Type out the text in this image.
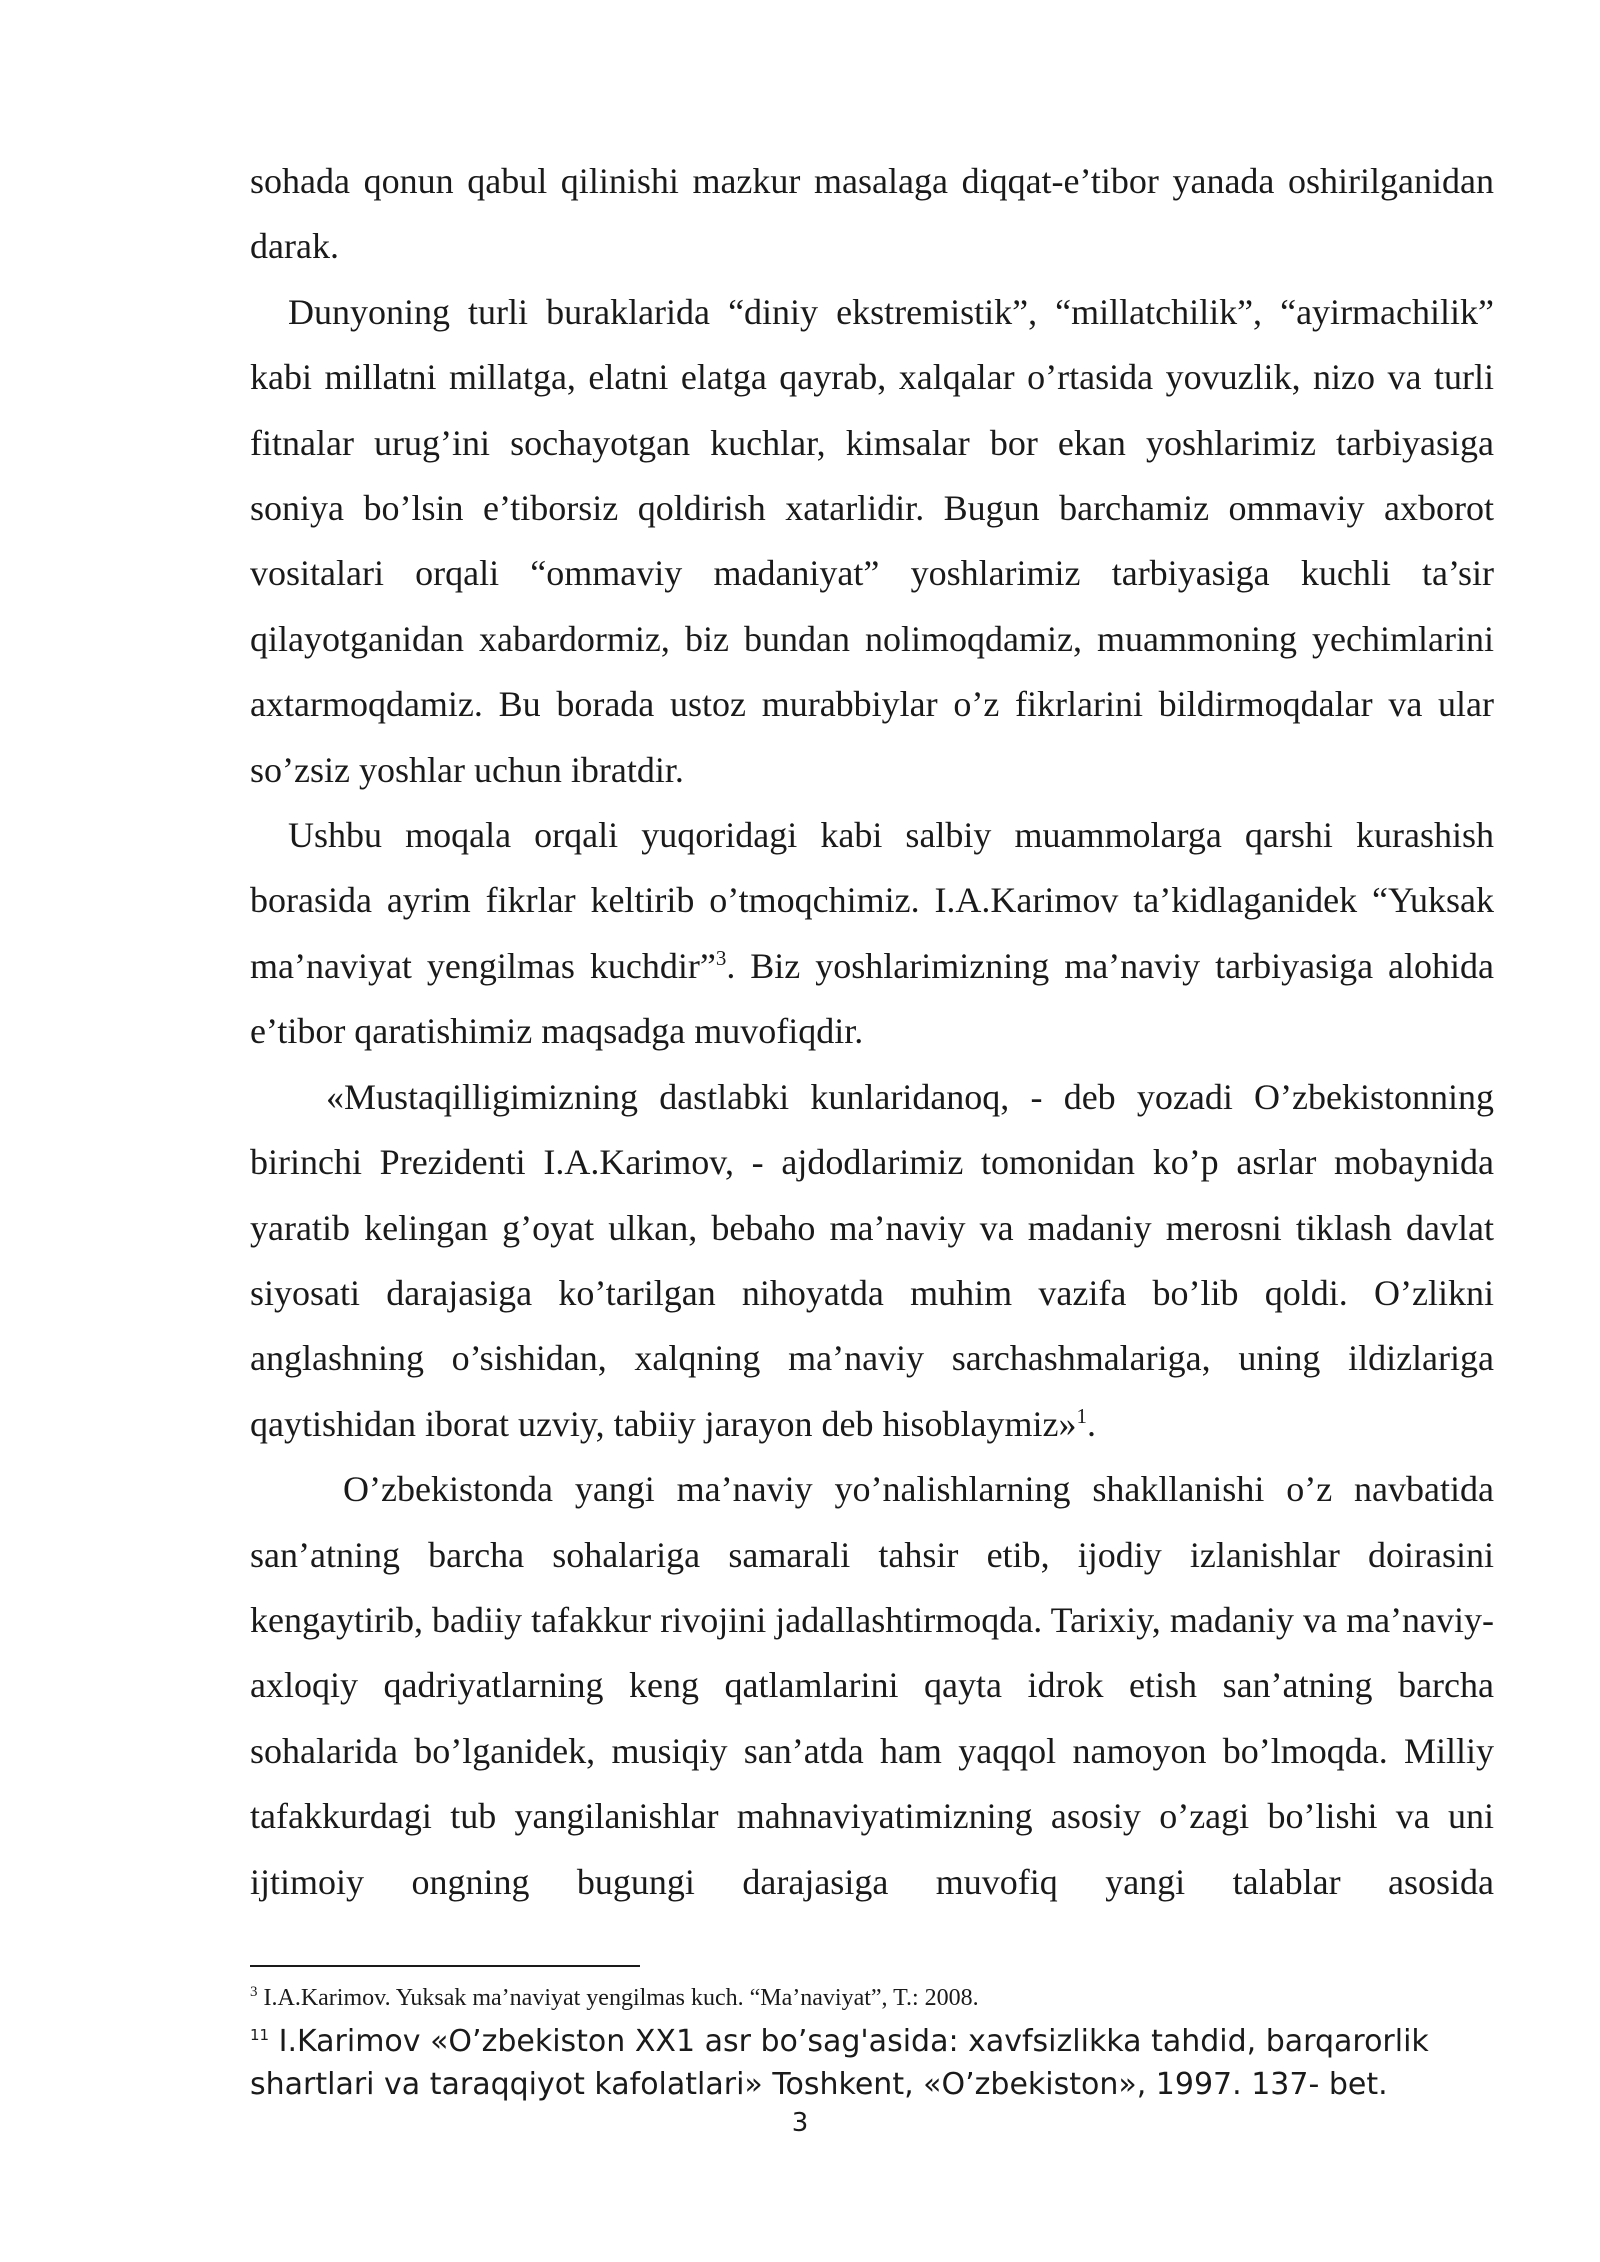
sohada qonun qabul qilinishi mazkur masalaga diqqat-e’tibor yanada oshirilganidan darak.

Dunyoning turli buraklarida “diniy ekstremistik”, “millatchilik”, “ayirmachilik” kabi millatni millatga, elatni elatga qayrab, xalqalar o’rtasida yovuzlik, nizo va turli fitnalar urug’ini sochayotgan kuchlar, kimsalar bor ekan yoshlarimiz tarbiyasiga soniya bo’lsin e’tiborsiz qoldirish xatarlidir. Bugun barchamiz ommaviy axborot vositalari orqali “ommaviy madaniyat” yoshlarimiz tarbiyasiga kuchli ta’sir qilayotganidan xabardormiz, biz bundan nolimoqdamiz, muammoning yechimlarini axtarmoqdamiz. Bu borada ustoz murabbiylar o’z fikrlarini bildirmoqdalar va ular so’zsiz yoshlar uchun ibratdir.

Ushbu moqala orqali yuqoridagi kabi salbiy muammolarga qarshi kurashish borasida ayrim fikrlar keltirib o’tmoqchimiz. I.A.Karimov ta’kidlaganidek “Yuksak ma’naviyat yengilmas kuchdir”$^3$. Biz yoshlarimizning ma’naviy tarbiyasiga alohida e’tibor qaratishimiz maqsadga muvofiqdir.

«Mustaqilligimizning dastlabki kunlaridanoq, - deb yozadi O’zbekistonning birinchi Prezidenti I.A.Karimov, - ajdodlarimiz tomonidan ko’p asrlar mobaynida yaratib kelingan g’oyat ulkan, bebaho ma’naviy va madaniy merosni tiklash davlat siyosati darajasiga ko’tarilgan nihoyatda muhim vazifa bo’lib qoldi. O’zlikni anglashning o’sishidan, xalqning ma’naviy sarchashmalariga, uning ildizlariga qaytishidan iborat uzviy, tabiiy jarayon deb hisoblaymiz»$^1$.

O’zbekistonda yangi ma’naviy yo’nalishlarning shakllanishi o’z navbatida san’atning barcha sohalariga samarali tahsir etib, ijodiy izlanishlar doirasini kengaytirib, badiiy tafakkur rivojini jadallashtirmoqda. Tarixiy, madaniy va ma’naviy-axloqiy qadriyatlarning keng qatlamlarini qayta idrok etish san’atning barcha sohalarida bo’lganidek, musiqiy san’atda ham yaqqol namoyon bo’lmoqda. Milliy tafakkurdagi tub yangilanishlar mahnaviyatimizning asosiy o’zagi bo’lishi va uni ijtimoiy ongning bugungi darajasiga muvofiq yangi talablar asosida

$^3$ I.A.Karimov. Yuksak ma’naviyat yengilmas kuch. “Ma’naviyat”, T.: 2008.
$^{11}$ I.Karimov «O’zbekiston XX1 asr bo’sag'asida: xavfsizlikka tahdid, barqarorlik shartlari va taraqqiyot kafolatlari» Toshkent, «O’zbekiston», 1997. 137- bet.
3
